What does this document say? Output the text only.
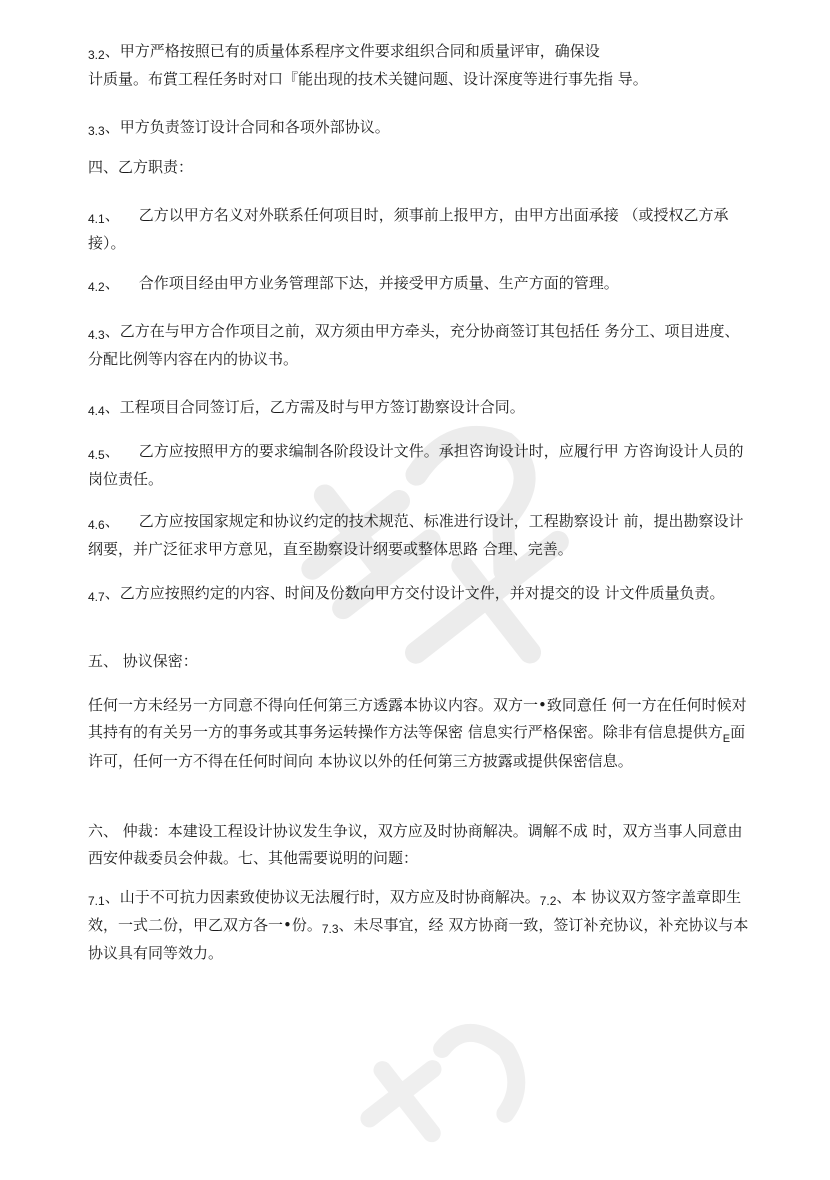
$_{3.2}$、甲方严格按照已有的质量体系程序文件要求组织合同和质量评审，确保设
计质量。布賞工程任务时对口『能出现的技术关键问题、设计深度等进行事先指 导。

$_{3.3}$、甲方负责签订设计合同和各项外部协议。

四、乙方职责：

$_{4.1}$、 乙方以甲方名义对外联系任何项目时，须事前上报甲方，由甲方出面承接 （或授权乙方承接）。

$_{4.2}$、 合作项目经由甲方业务管理部下达，并接受甲方质量、生产方面的管理。

$_{4.3}$、乙方在与甲方合作项目之前，双方须由甲方牵头，充分协商签订其包括任 务分工、项目进度、分配比例等内容在内的协议书。

$_{4.4}$、工程项目合同签订后，乙方需及时与甲方签订勘察设计合同。

$_{4.5}$、 乙方应按照甲方的要求编制各阶段设计文件。承担咨询设计时，应履行甲 方咨询设计人员的岗位责任。

$_{4.6}$、 乙方应按国家规定和协议约定的技术规范、标准进行设计，工程勘察设计 前，提出勘察设计纲要，并广泛征求甲方意见，直至勘察设计纲要或整体思路 合理、完善。

$_{4.7}$、乙方应按照约定的内容、时间及份数向甲方交付设计文件，并对提交的设 计文件质量负责。

五、 协议保密：

任何一方未经另一方同意不得向任何第三方透露本协议内容。双方一•致同意任 何一方在任何时候对其持有的有关另一方的事务或其事务运转操作方法等保密 信息实行严格保密。除非有信息提供方$_E$面许可，任何一方不得在任何时间向 本协议以外的任何第三方披露或提供保密信息。

六、 仲裁：本建设工程设计协议发生争议，双方应及时协商解决。调解不成 时，双方当事人同意由西安仲裁委员会仲裁。七、其他需要说明的问题：

$_{7.1}$、山于不可抗力因素致使协议无法履行时，双方应及时协商解决。$_{7.2}$、本 协议双方签字盖章即生效，一式二份，甲乙双方各一•份。$_{7.3}$、未尽事宜，经 双方协商一致，签订补充协议，补充协议与本协议具有同等效力。
